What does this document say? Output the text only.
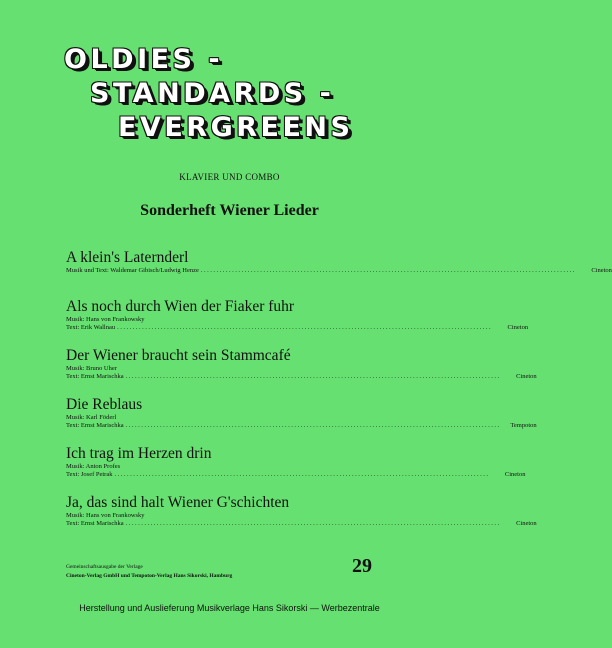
OLDIES -
STANDARDS -
EVERGREENS
KLAVIER UND COMBO
Sonderheft Wiener Lieder
A klein's Laternderl
Musik und Text: Waldemar Gibisch/Ludwig Henze ........................................................................................................................	Cineton
Als noch durch Wien der Fiaker fuhr
Musik: Hans von Frankowsky
Text: Erik Wallnau ........................................................................................................................	Cineton
Der Wiener braucht sein Stammcafé
Musik: Bruno Uher
Text: Ernst Marischka ........................................................................................................................	Cineton
Die Reblaus
Musik: Karl Föderl
Text: Ernst Marischka ........................................................................................................................	Tempoton
Ich trag im Herzen drin
Musik: Anton Profes
Text: Josef Petrak ........................................................................................................................	Cineton
Ja, das sind halt Wiener G'schichten
Musik: Hans von Frankowsky
Text: Ernst Marischka ........................................................................................................................	Cineton
Gemeinschaftsausgabe der Verlage
Cineton-Verlag GmbH und Tempoton-Verlag Hans Sikorski, Hamburg	29
Herstellung und Auslieferung Musikverlage Hans Sikorski — Werbezentrale
